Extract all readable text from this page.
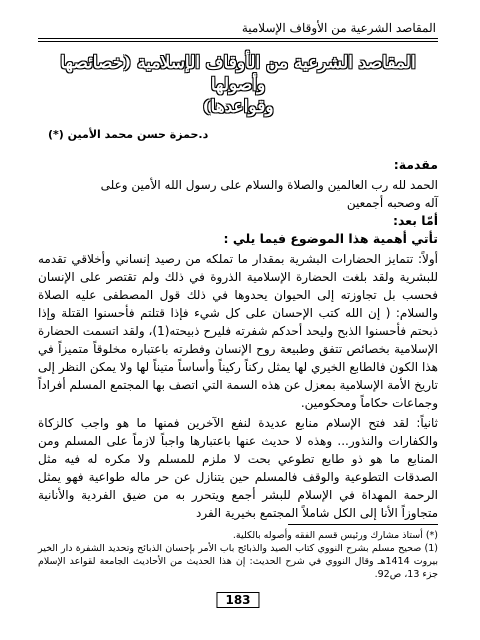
المقاصد الشرعية من الأوقاف الإسلامية
المقاصد الشرعية من الأوقاف الإسلامية (خصائصها وأصولها
وقواعدها)
د.حمزة حسن محمد الأمين (*)
مقدمة:

الحمد لله رب العالمين والصلاة والسلام على رسول الله الأمين وعلى

آله وصحبه أجمعين

أمّا بعد:

تأتي أهمية هذا الموضوع فيما يلي :

أولاً: تتمايز الحضارات البشرية بمقدار ما تملكه من رصيد إنساني وأخلاقي تقدمه للبشرية ولقد بلغت الحضارة الإسلامية الذروة في ذلك ولم تقتصر على الإنسان فحسب بل تجاوزته إلى الحيوان يحدوها في ذلك قول المصطفى عليه الصلاة والسلام: ( إن الله كتب الإحسان على كل شيء فإذا قتلتم فأحسنوا القتلة وإذا ذبحتم فأحسنوا الذبح وليحد أحدكم شفرته فليرح ذبيحته(1)، ولقد اتسمت الحضارة الإسلامية بخصائص تتفق وطبيعة روح الإنسان وفطرته باعتباره مخلوقاً متميزاً في هذا الكون فالطابع الخيري لها يمثل ركناً ركيناً وأساساً متيناً لها ولا يمكن النظر إلى تاريخ الأمة الإسلامية بمعزل عن هذه السمة التي اتصف بها المجتمع المسلم أفراداً وجماعات حكاماً ومحكومين.

ثانياً: لقد فتح الإسلام منابع عديدة لنفع الآخرين فمنها ما هو واجب كالزكاة والكفارات والنذور... وهذه لا حديث عنها باعتبارها واجباً لازماً على المسلم ومن المنابع ما هو ذو طابع تطوعي بحت لا ملزم للمسلم ولا مكره له فيه مثل الصدقات التطوعية والوقف فالمسلم حين يتنازل عن حر ماله طواعية فهو يمثل الرحمة المهداة في الإسلام للبشر أجمع ويتحرر به من ضيق الفردية والأنانية متجاوزاً الأنا إلى الكل شاملاً المجتمع بخيرية الفرد

(*) أستاذ مشارك ورئيس قسم الفقه وأصوله بالكلية.
(1) صحيح مسلم بشرح النووي كتاب الصيد والذبائح باب الأمر بإحسان الذبائح وتحديد الشفرة دار الخير بيروت 1414هـ وقال النووي في شرح الحديث: إن هذا الحديث من الأحاديث الجامعة لقواعد الإسلام جزء 13، ص92.
183
